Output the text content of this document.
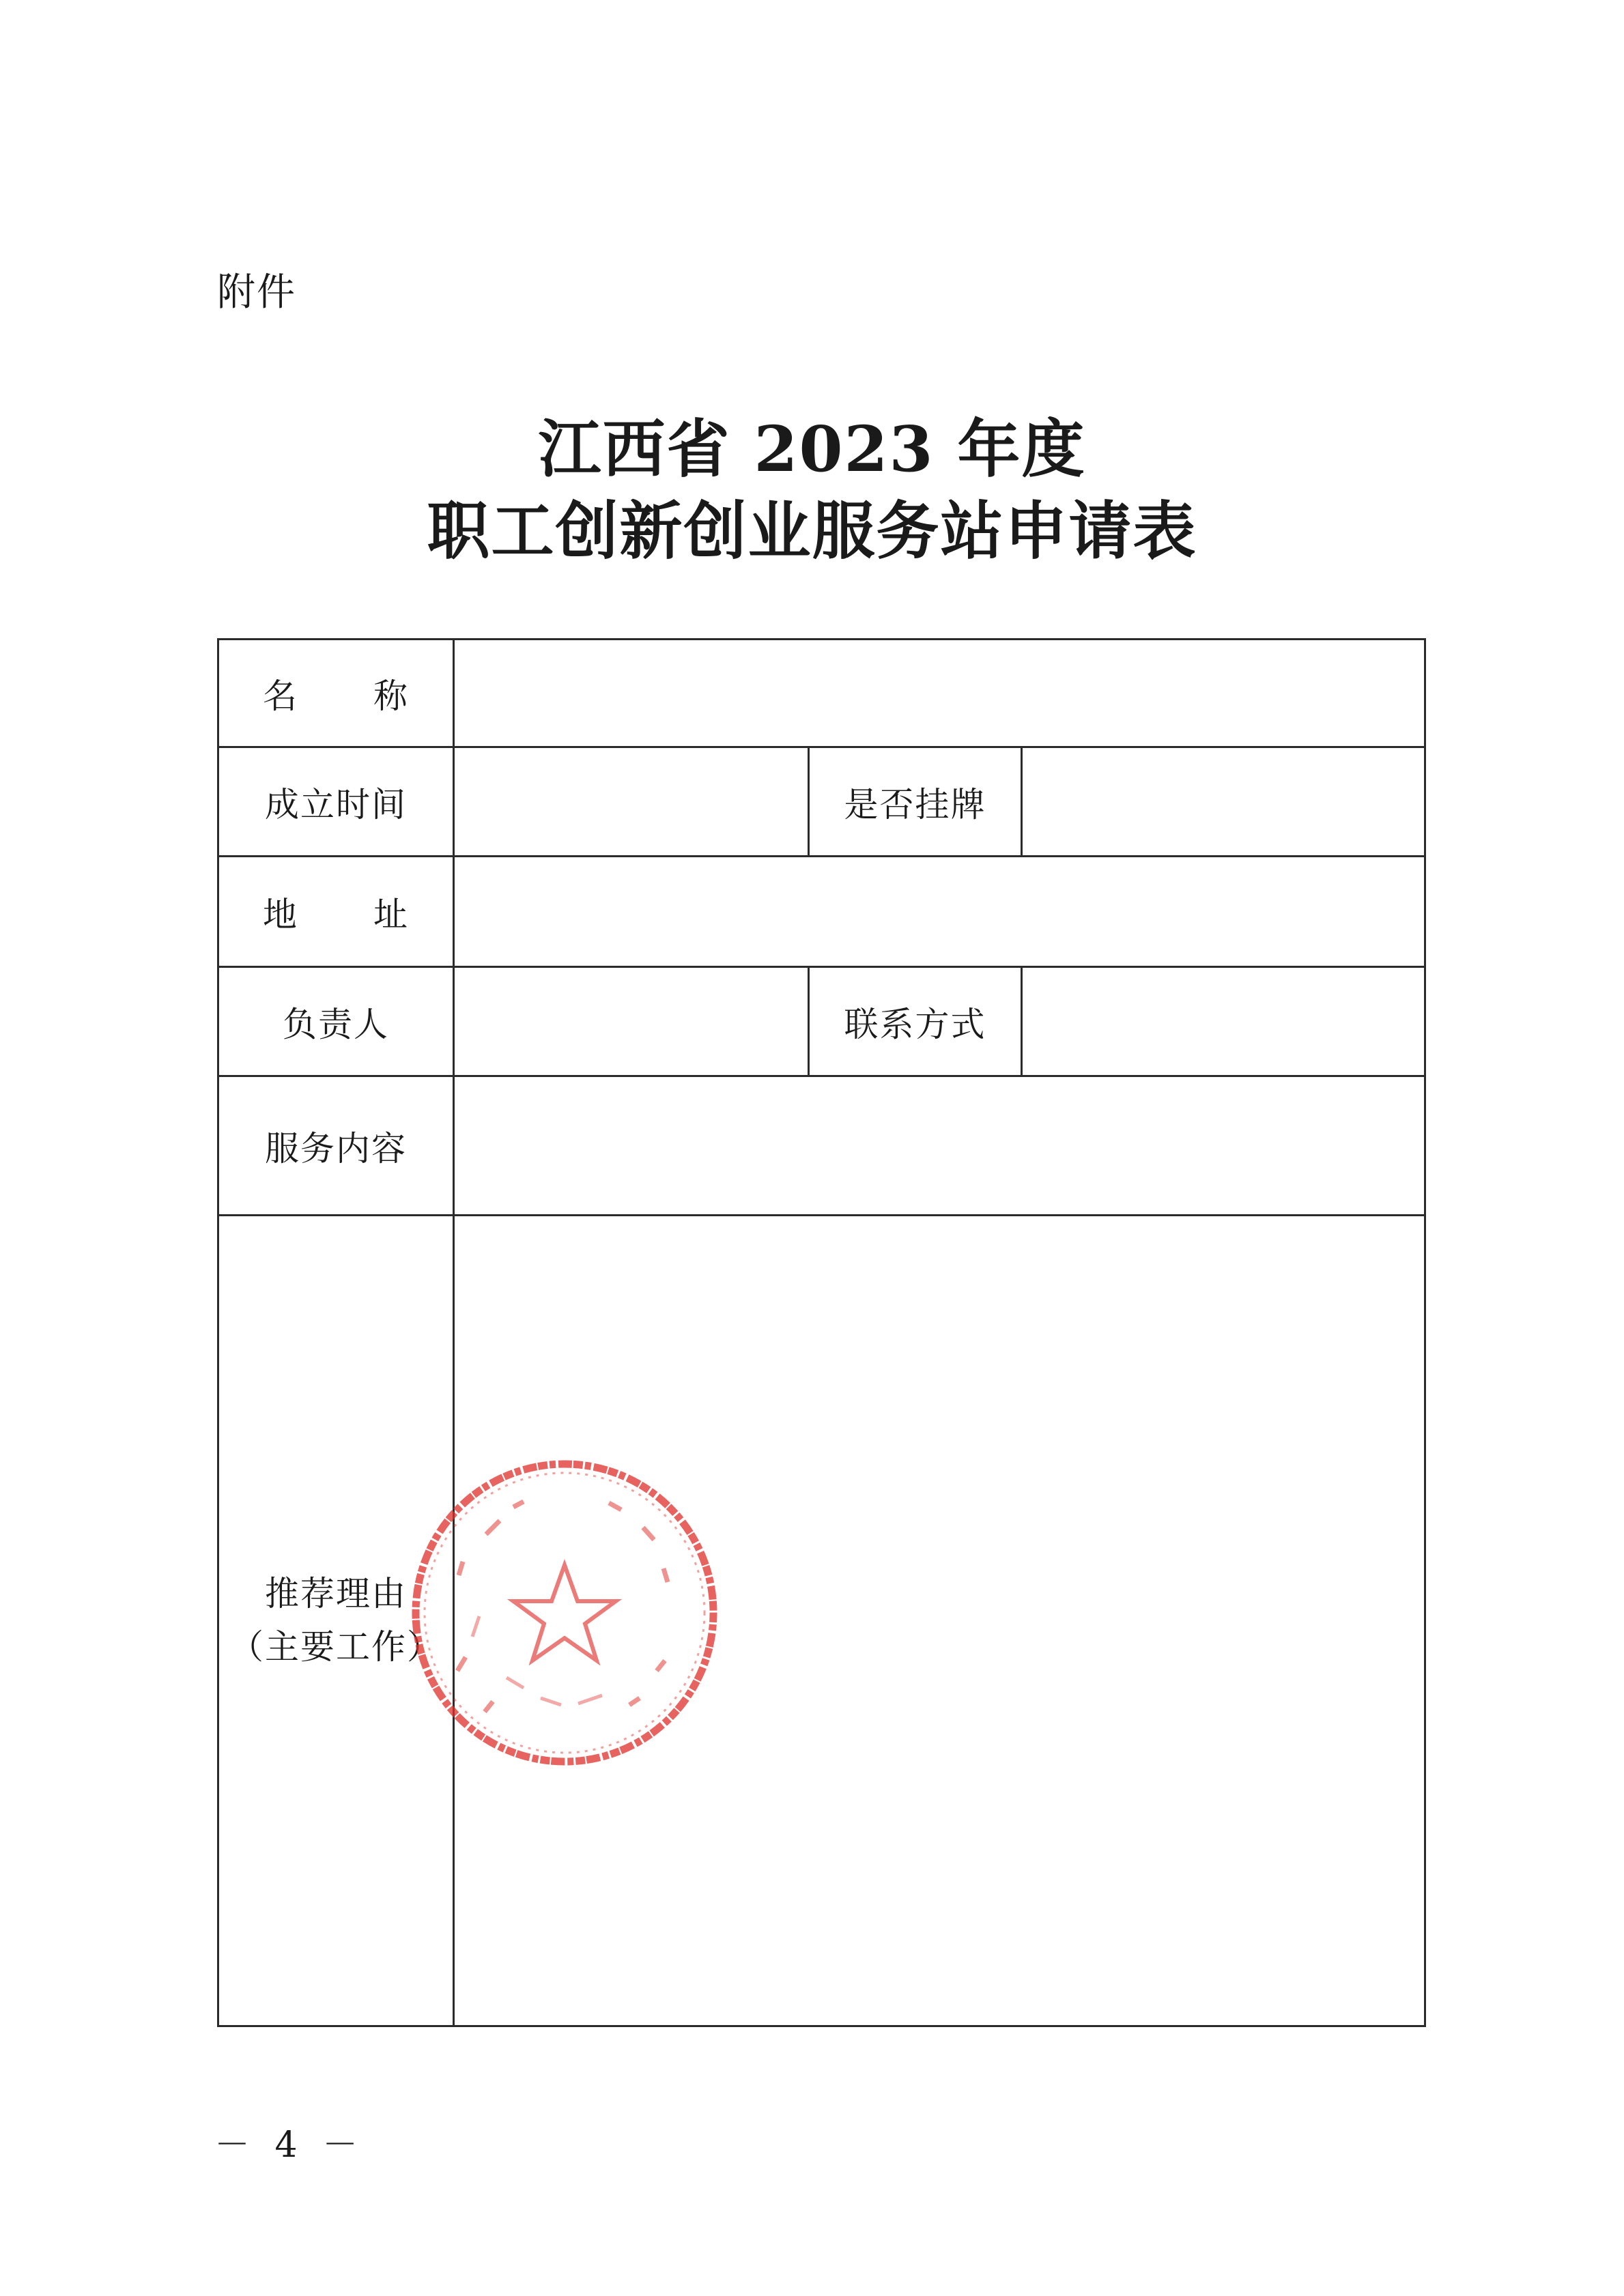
附件
江西省 2023 年度
职工创新创业服务站申请表
名 称			
成立时间		是否挂牌	
地 址			
负责人		联系方式	
服务内容			

推荐理由
（主要工作）			

－ 4 －
